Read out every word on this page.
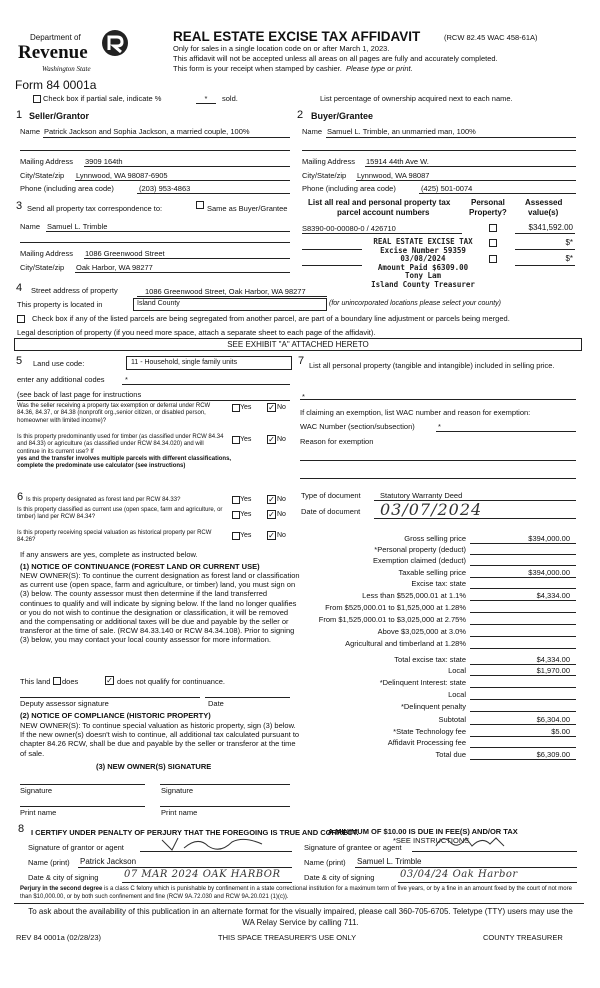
Department of
Revenue
Washington State
Form 84 0001a
REAL ESTATE EXCISE TAX AFFIDAVIT	(RCW 82.45 WAC 458-61A)
Only for sales in a single location code on or after March 1, 2023.
This affidavit will not be accepted unless all areas on all pages are fully and accurately completed.
This form is your receipt when stamped by cashier. Please type or print.
Check box if partial sale, indicate %	*	sold.	List percentage of ownership acquired next to each name.
1 Seller/Grantor
Name Patrick Jackson and Sophia Jackson, a married couple, 100%
Mailing Address 3909 164th
City/State/zip Lynnwood, WA 98087-6905
Phone (including area code)	(203) 953-4863
2 Buyer/Grantee
Name Samuel L. Trimble, an unmarried man, 100%
Mailing Address 15914 44th Ave W.
City/State/zip Lynnwood, WA 98087
Phone (including area code)	(425) 501-0074
3 Send all property tax correspondence to:	Same as Buyer/Grantee
Name Samuel L. Trimble
Mailing Address 1086 Greenwood Street
City/State/zip Oak Harbor, WA 98277
List all real and personal property tax
parcel account numbers
Personal
Property?
Assessed
value(s)
S8390-00-00080-0 / 426710	$341,592.00
$*
$*
REAL ESTATE EXCISE TAX
Excise Number 59359
03/08/2024
Amount Paid $6309.00
Tony Lam
Island County Treasurer
4 Street address of property	1086 Greenwood Street, Oak Harbor, WA 98277
This property is located in	Island County	(for unincorporated locations please select your county)
Check box if any of the listed parcels are being segregated from another parcel, are part of a boundary line adjustment or parcels being merged.
Legal description of property (if you need more space, attach a separate sheet to each page of the affidavit).
SEE EXHIBIT "A" ATTACHED HERETO
5 Land use code:	11 - Household, single family units
enter any additional codes	*
(see back of last page for instructions
Was the seller receiving a property tax exemption or deferral under RCW 84.36, 84.37, or 84.38 (nonprofit org.,senior citizen, or disabled person, homeowner with limited income)?
Yes ✓ No
Is this property predominantly used for timber (as classified under RCW 84.34 and 84.33) or agriculture (as classified under RCW 84.34.020) and will continue in its current use? If
yes and the transfer involves multiple parcels with different classifications, complete the predominate use calculator (see instructions)
Yes ✓ No
6 Is this property designated as forest land per RCW 84.33?	Yes ✓ No
Is this property classified as current use (open space, farm and agriculture, or timber) land per RCW 84.34?	Yes ✓ No
Is this property receiving special valuation as historical property per RCW 84.26?
Yes ✓ No
If any answers are yes, complete as instructed below.
(1) NOTICE OF CONTINUANCE (FOREST LAND OR CURRENT USE)
NEW OWNER(S): To continue the current designation as forest land or classification as current use (open space, farm and agriculture, or timber) land, you must sign on (3) below. The county assessor must then determine if the land transferred continues to qualify and will indicate by signing below. If the land no longer qualifies or you do not wish to continue the designation or classification, it will be removed and the compensating or additional taxes will be due and payable by the seller or transferor at the time of sale. (RCW 84.33.140 or RCW 84.34.108). Prior to signing (3) below, you may contact your local county assessor for more information.
This land does	✓ does not qualify for continuance.
Deputy assessor signature	Date
(2) NOTICE OF COMPLIANCE (HISTORIC PROPERTY)
NEW OWNER(S): To continue special valuation as historic property, sign (3) below. If the new owner(s) doesn't wish to continue, all additional tax calculated pursuant to chapter 84.26 RCW, shall be due and payable by the seller or transferor at the time of sale.
(3) NEW OWNER(S) SIGNATURE
Signature	Signature
Print name	Print name
7 List all personal property (tangible and intangible) included in selling price.
*
If claiming an exemption, list WAC number and reason for exemption:
WAC Number (section/subsection)	*
Reason for exemption
Type of document	Statutory Warranty Deed
Date of document 03/07/2024
Gross selling price	$394,000.00
*Personal property (deduct)
Exemption claimed (deduct)
Taxable selling price	$394,000.00
Excise tax: state
Less than $525,000.01 at 1.1%	$4,334.00
From $525,000.01 to $1,525,000 at 1.28%
From $1,525,000.01 to $3,025,000 at 2.75%
Above $3,025,000 at 3.0%
Agricultural and timberland at 1.28%
Total excise tax: state	$4,334.00
Local	$1,970.00
*Delinquent Interest: state
Local
*Delinquent penalty
Subtotal	$6,304.00
*State Technology fee	$5.00
Affidavit Processing fee
Total due	$6,309.00
A MINIMUM OF $10.00 IS DUE IN FEE(S) AND/OR TAX
*SEE INSTRUCTIONS
8 I CERTIFY UNDER PENALTY OF PERJURY THAT THE FOREGOING IS TRUE AND CORRECT.
Signature of grantor or agent	Signature of grantee or agent
Name (print) Patrick Jackson	Name (print) Samuel L. Trimble
Date & city of signing	07 MAR 2024 OAK HARBOR	Date & city of signing	03/04/24 Oak Harbor
Perjury in the second degree is a class C felony which is punishable by confinement in a state correctional institution for a maximum term of five years, or by a fine in an amount fixed by the court of not more than $10,000.00, or by both such confinement and fine (RCW 9A.72.030 and RCW 9A.20.021 (1)(c)).
To ask about the availability of this publication in an alternate format for the visually impaired, please call 360-705-6705. Teletype (TTY) users may use the WA Relay Service by calling 711.
REV 84 0001a (02/28/23)	THIS SPACE TREASURER'S USE ONLY	COUNTY TREASURER
